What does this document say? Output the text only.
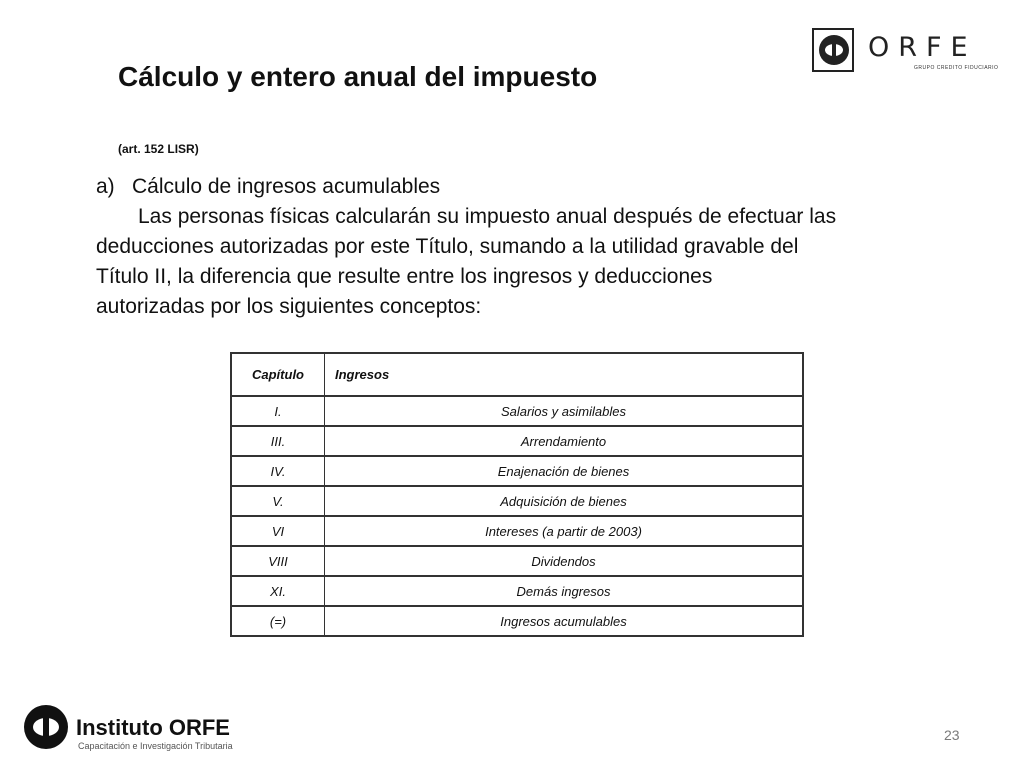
ORFE
GRUPO CREDITO FIDUCIARIO
Cálculo y entero anual del impuesto
(art. 152 LISR)
a) Cálculo de ingresos acumulables
Las personas físicas calcularán su impuesto anual después de efectuar las
deducciones autorizadas por este Título, sumando a la utilidad gravable del
Título II, la diferencia que resulte entre los ingresos y deducciones
autorizadas por los siguientes conceptos:
Capítulo	Ingresos
I.	Salarios y asimilables
III.	Arrendamiento
IV.	Enajenación de bienes
V.	Adquisición de bienes
VI	Intereses (a partir de 2003)
VIII	Dividendos
XI.	Demás ingresos
(=)	Ingresos acumulables
Instituto ORFE
Capacitación e Investigación Tributaria
23
